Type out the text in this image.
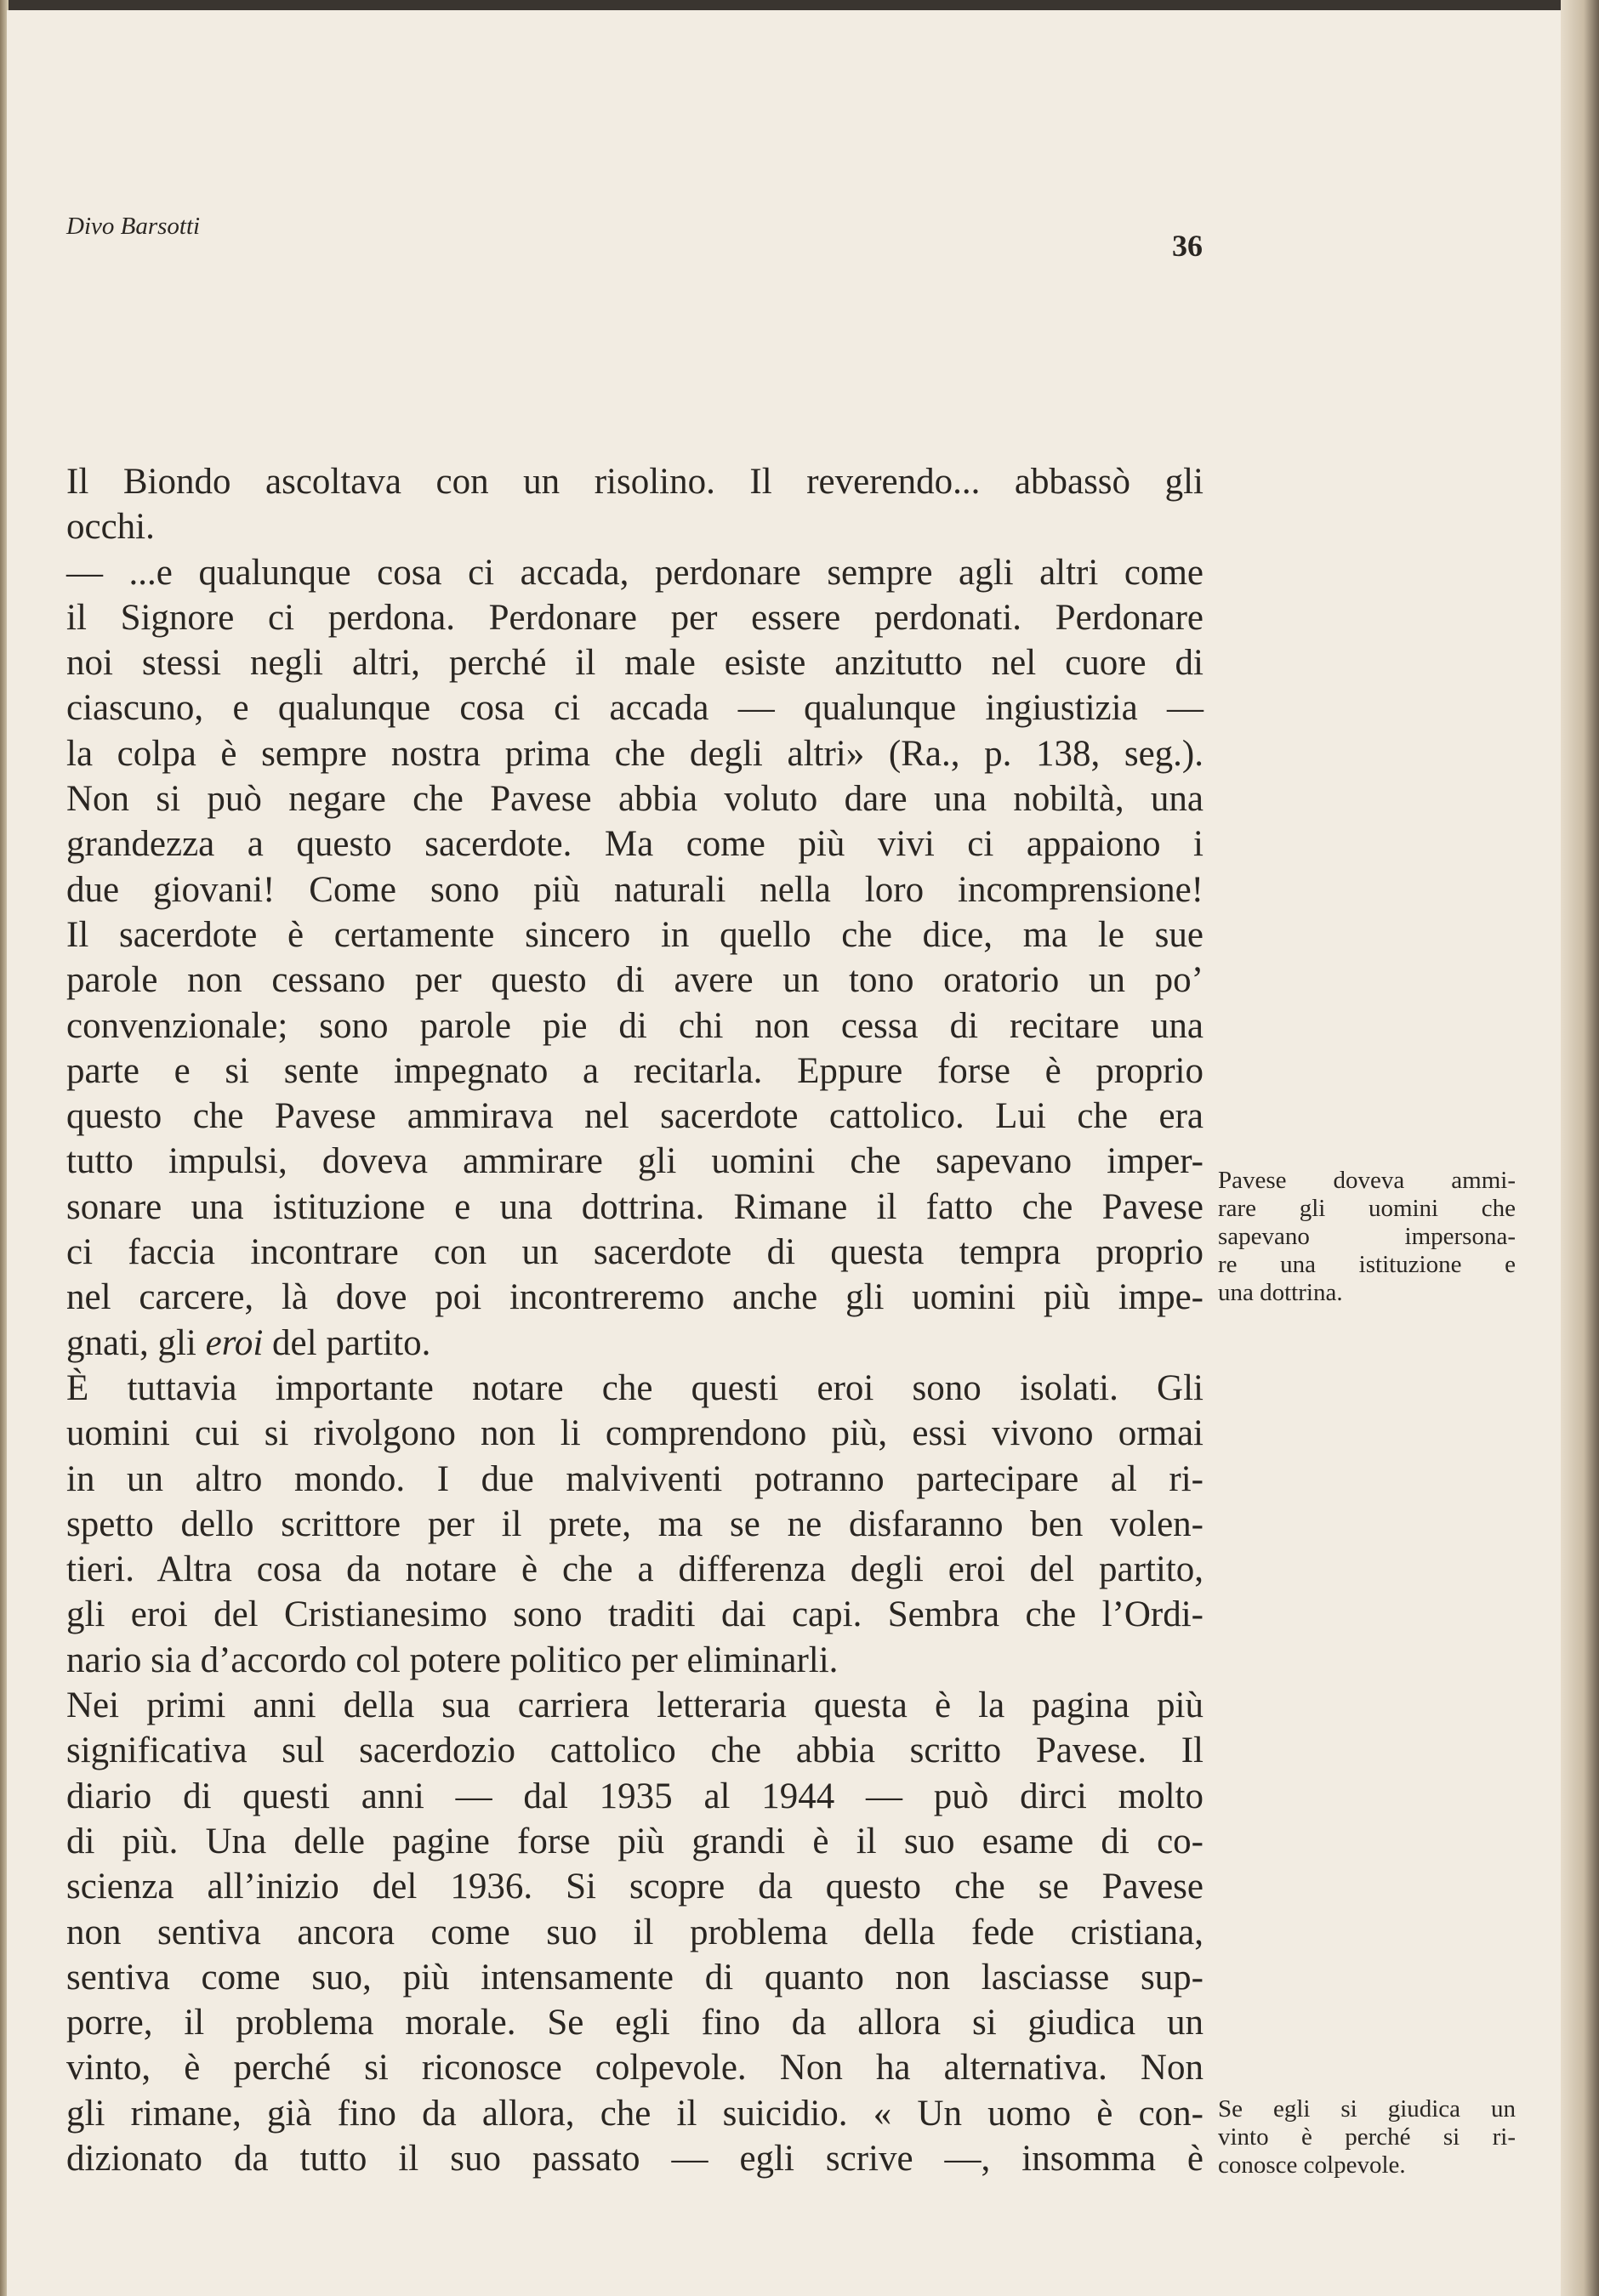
Divo Barsotti
36
Il Biondo ascoltava con un risolino. Il reverendo... abbassò gli
occhi.
— ...e qualunque cosa ci accada, perdonare sempre agli altri come
il Signore ci perdona. Perdonare per essere perdonati. Perdonare
noi stessi negli altri, perché il male esiste anzitutto nel cuore di
ciascuno, e qualunque cosa ci accada — qualunque ingiustizia —
la colpa è sempre nostra prima che degli altri» (Ra., p. 138, seg.).
Non si può negare che Pavese abbia voluto dare una nobiltà, una
grandezza a questo sacerdote. Ma come più vivi ci appaiono i
due giovani! Come sono più naturali nella loro incomprensione!
Il sacerdote è certamente sincero in quello che dice, ma le sue
parole non cessano per questo di avere un tono oratorio un po’
convenzionale; sono parole pie di chi non cessa di recitare una
parte e si sente impegnato a recitarla. Eppure forse è proprio
questo che Pavese ammirava nel sacerdote cattolico. Lui che era
tutto impulsi, doveva ammirare gli uomini che sapevano imper-
sonare una istituzione e una dottrina. Rimane il fatto che Pavese
ci faccia incontrare con un sacerdote di questa tempra proprio
nel carcere, là dove poi incontreremo anche gli uomini più impe-
gnati, gli eroi del partito.
È tuttavia importante notare che questi eroi sono isolati. Gli
uomini cui si rivolgono non li comprendono più, essi vivono ormai
in un altro mondo. I due malviventi potranno partecipare al ri-
spetto dello scrittore per il prete, ma se ne disfaranno ben volen-
tieri. Altra cosa da notare è che a differenza degli eroi del partito,
gli eroi del Cristianesimo sono traditi dai capi. Sembra che l’Ordi-
nario sia d’accordo col potere politico per eliminarli.
Nei primi anni della sua carriera letteraria questa è la pagina più
significativa sul sacerdozio cattolico che abbia scritto Pavese. Il
diario di questi anni — dal 1935 al 1944 — può dirci molto
di più. Una delle pagine forse più grandi è il suo esame di co-
scienza all’inizio del 1936. Si scopre da questo che se Pavese
non sentiva ancora come suo il problema della fede cristiana,
sentiva come suo, più intensamente di quanto non lasciasse sup-
porre, il problema morale. Se egli fino da allora si giudica un
vinto, è perché si riconosce colpevole. Non ha alternativa. Non
gli rimane, già fino da allora, che il suicidio. « Un uomo è con-
dizionato da tutto il suo passato — egli scrive —, insomma è
Pavese doveva ammi-
rare gli uomini che
sapevano impersona-
re una istituzione e
una dottrina.
Se egli si giudica un
vinto è perché si ri-
conosce colpevole.
